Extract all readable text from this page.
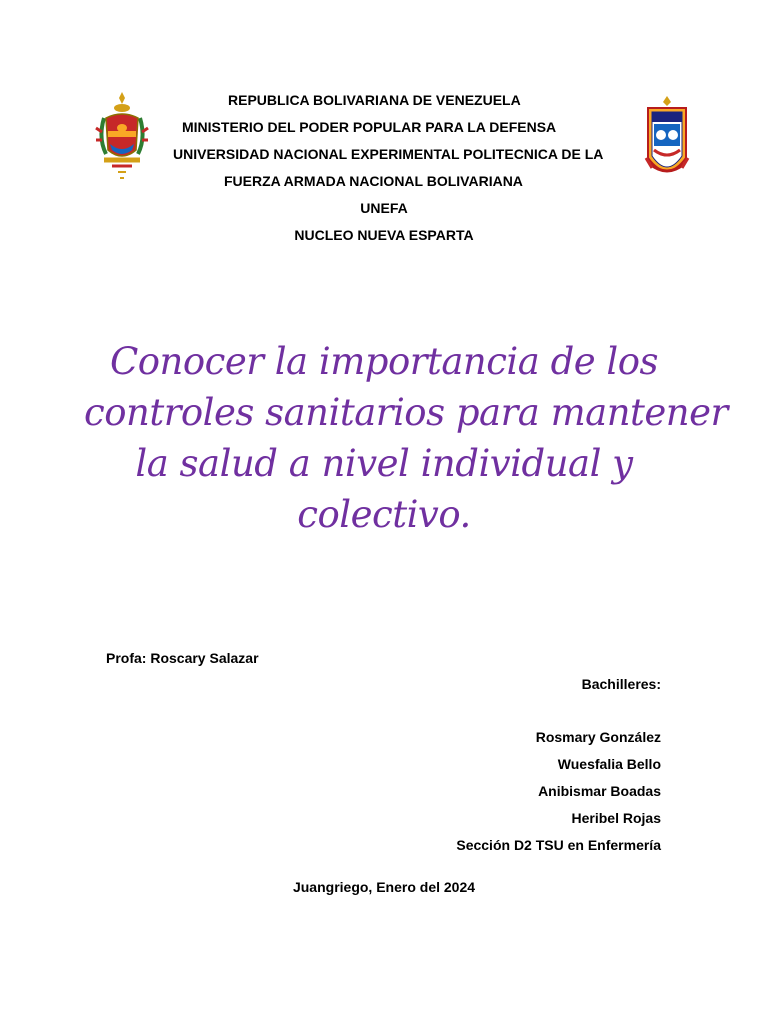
REPUBLICA BOLIVARIANA DE VENEZUELA
MINISTERIO DEL PODER POPULAR PARA LA DEFENSA
UNIVERSIDAD NACIONAL EXPERIMENTAL POLITECNICA DE LA
FUERZA ARMADA NACIONAL BOLIVARIANA
UNEFA
NUCLEO NUEVA ESPARTA
Conocer la importancia de los
controles sanitarios para mantener
la salud a nivel individual y
colectivo.
Profa: Roscary Salazar
Bachilleres:
Rosmary González
Wuesfalia Bello
Anibismar Boadas
Heribel Rojas
Sección D2 TSU en Enfermería
Juangriego, Enero del 2024
